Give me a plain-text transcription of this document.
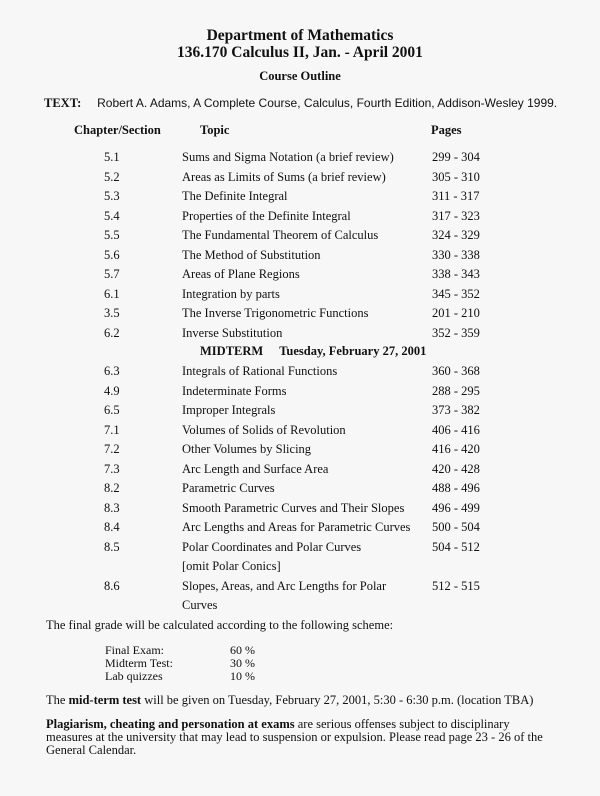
Department of Mathematics
136.170 Calculus II, Jan. - April 2001
Course Outline
TEXT: Robert A. Adams, A Complete Course, Calculus, Fourth Edition, Addison-Wesley 1999.
Chapter/Section	Topic	Pages
5.1	Sums and Sigma Notation (a brief review)	299 - 304
5.2	Areas as Limits of Sums (a brief review)	305 - 310
5.3	The Definite Integral	311 - 317
5.4	Properties of the Definite Integral	317 - 323
5.5	The Fundamental Theorem of Calculus	324 - 329
5.6	The Method of Substitution	330 - 338
5.7	Areas of Plane Regions	338 - 343
6.1	Integration by parts	345 - 352
3.5	The Inverse Trigonometric Functions	201 - 210
6.2	Inverse Substitution	352 - 359
MIDTERM Tuesday, February 27, 2001
6.3	Integrals of Rational Functions	360 - 368
4.9	Indeterminate Forms	288 - 295
6.5	Improper Integrals	373 - 382
7.1	Volumes of Solids of Revolution	406 - 416
7.2	Other Volumes by Slicing	416 - 420
7.3	Arc Length and Surface Area	420 - 428
8.2	Parametric Curves	488 - 496
8.3	Smooth Parametric Curves and Their Slopes 496 - 499
8.4	Arc Lengths and Areas for Parametric Curves 500 - 504
8.5	Polar Coordinates and Polar Curves	504 - 512
[omit Polar Conics]
8.6	Slopes, Areas, and Arc Lengths for Polar	512 - 515
Curves
The final grade will be calculated according to the following scheme:
Final Exam:	60 %
Midterm Test:	30 %
Lab quizzes	10 %
The mid-term test will be given on Tuesday, February 27, 2001, 5:30 - 6:30 p.m. (location TBA)
Plagiarism, cheating and personation at exams are serious offenses subject to disciplinary measures at the university that may lead to suspension or expulsion. Please read page 23 - 26 of the General Calendar.
